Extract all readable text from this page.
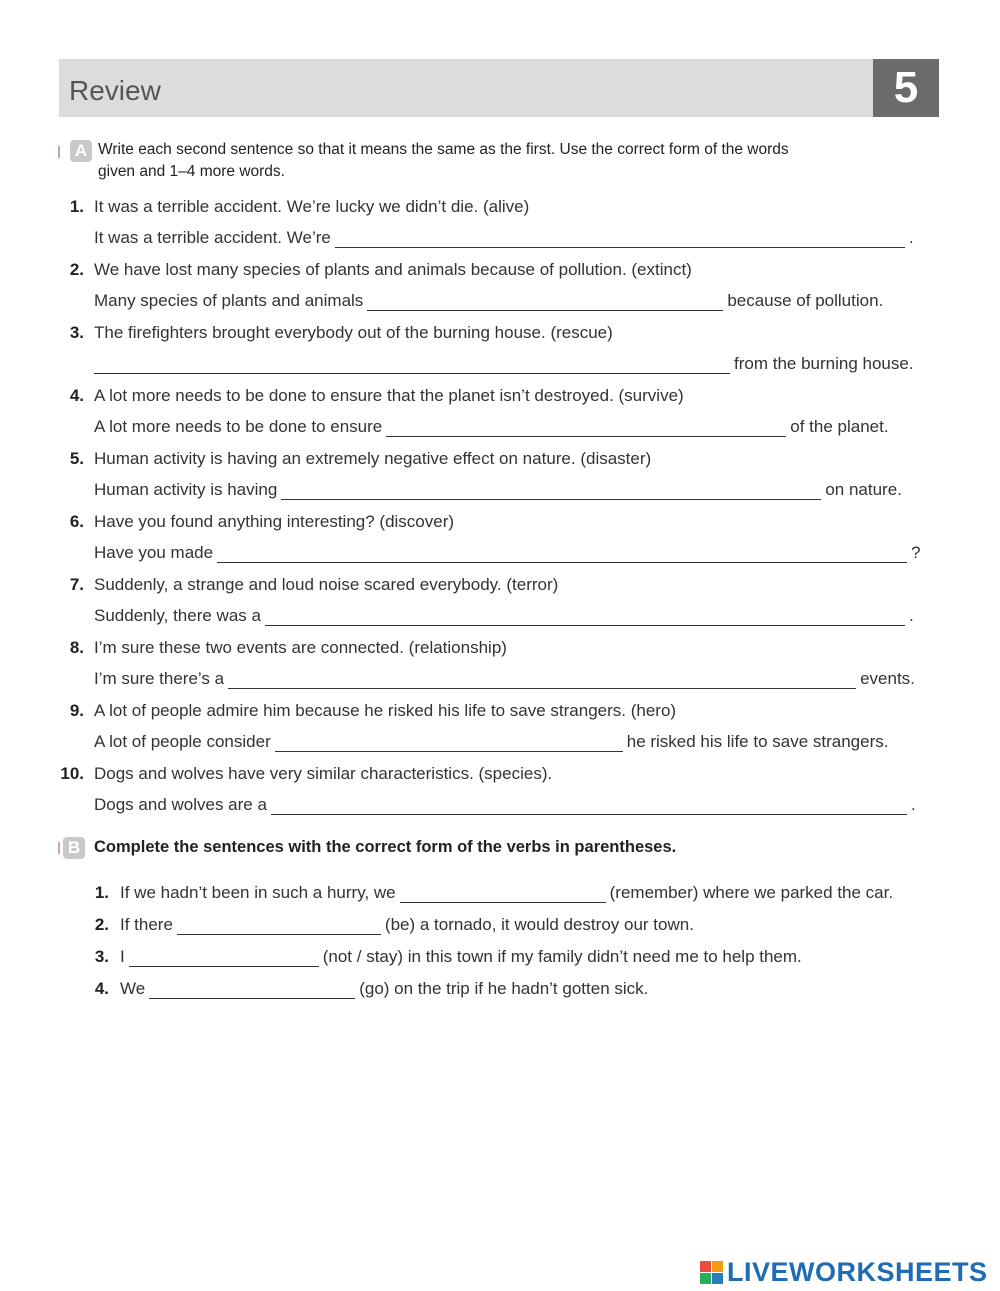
Review	5
A Write each second sentence so that it means the same as the first. Use the correct form of the words
given and 1–4 more words.
1. It was a terrible accident. We’re lucky we didn’t die. (alive)
It was a terrible accident. We’re	.
2. We have lost many species of plants and animals because of pollution. (extinct)
Many species of plants and animals	because of pollution.
3. The firefighters brought everybody out of the burning house. (rescue)
from the burning house.
4. A lot more needs to be done to ensure that the planet isn’t destroyed. (survive)
A lot more needs to be done to ensure	of the planet.
5. Human activity is having an extremely negative effect on nature. (disaster)
Human activity is having	on nature.
6. Have you found anything interesting? (discover)
Have you made	?
7. Suddenly, a strange and loud noise scared everybody. (terror)
Suddenly, there was a	.
8. I’m sure these two events are connected. (relationship)
I’m sure there’s a	events.
9. A lot of people admire him because he risked his life to save strangers. (hero)
A lot of people consider	he risked his life to save strangers.
10. Dogs and wolves have very similar characteristics. (species).
Dogs and wolves are a	.
B Complete the sentences with the correct form of the verbs in parentheses.
1. If we hadn’t been in such a hurry, we	(remember) where we parked the car.
2. If there	(be) a tornado, it would destroy our town.
3. I	(not / stay) in this town if my family didn’t need me to help them.
4. We	(go) on the trip if he hadn’t gotten sick.
LIVEWORKSHEETS
